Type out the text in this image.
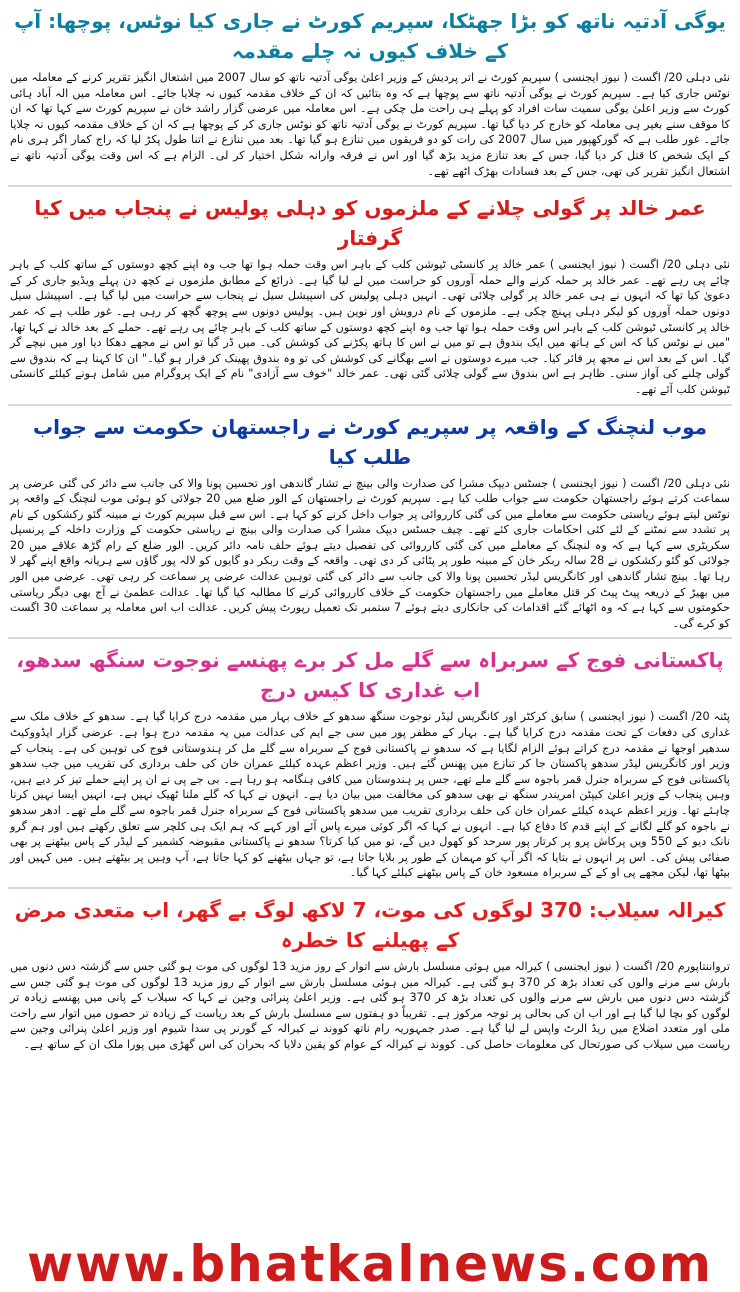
یوگی آدتیہ ناتھ کو بڑا جھٹکا، سپریم کورٹ نے جاری کیا نوٹس، پوچھا: آپ کے خلاف کیوں نہ چلے مقدمہ

نئی دہلی 20/ اگست ( نیوز ایجنسی ) سپریم کورٹ نے اتر پردیش کے وزیر اعلیٰ یوگی آدتیہ ناتھ کو سال 2007 میں اشتعال انگیز تقریر کرنے کے معاملہ میں نوٹس جاری کیا ہے۔ سپریم کورٹ نے یوگی آدتیہ ناتھ سے پوچھا ہے کہ وہ بتائیں کہ ان کے خلاف مقدمہ کیوں نہ چلایا جائے۔ اس معاملہ میں الہ آباد ہائی کورٹ سے وزیر اعلیٰ یوگی سمیت سات افراد کو پہلے ہی راحت مل چکی ہے۔ اس معاملہ میں عرضی گزار راشد خان نے سپریم کورٹ سے کہا تھا کہ ان کا موقف سنے بغیر ہی معاملہ کو خارج کر دیا گیا تھا۔ سپریم کورٹ نے یوگی آدتیہ ناتھ کو نوٹس جاری کر کے پوچھا ہے کہ ان کے خلاف مقدمہ کیوں نہ چلایا جائے۔ غور طلب ہے کہ گورکھپور میں سال 2007 کی رات کو دو فریقوں میں تنازع ہو گیا تھا۔ بعد میں تنازع نے اتنا طول پکڑ لیا کہ راج کمار اگر ہری نام کے ایک شخص کا قتل کر دیا گیا، جس کے بعد تنازع مزید بڑھ گیا اور اس نے فرقہ وارانہ شکل اختیار کر لی۔ الزام ہے کہ اس وقت یوگی آدتیہ ناتھ نے اشتعال انگیز تقریر کی تھی، جس کے بعد فسادات بھڑک اٹھے تھے۔

عمر خالد پر گولی چلانے کے ملزموں کو دہلی پولیس نے پنجاب میں کیا گرفتار

نئی دہلی 20/ اگست ( نیوز ایجنسی ) عمر خالد پر کانسٹی ٹیوشن کلب کے باہر اس وقت حملہ ہوا تھا جب وہ اپنے کچھ دوستوں کے ساتھ کلب کے باہر چائے پی رہے تھے۔ عمر خالد پر حملہ کرنے والے حملہ آوروں کو حراست میں لے لیا گیا ہے۔ ذرائع کے مطابق ملزموں نے کچھ دن پہلے ویڈیو جاری کر کے دعویٰ کیا تھا کہ انہوں نے ہی عمر خالد پر گولی چلائی تھی۔ انہیں دہلی پولیس کی اسپیشل سیل نے پنجاب سے حراست میں لیا گیا ہے۔ اسپیشل سیل دونوں حملہ آوروں کو لیکر دہلی پہنچ چکی ہے۔ ملزموں کے نام درویش اور نوین ہیں۔ پولیس دونوں سے پوچھ گچھ کر رہی ہے۔ غور طلب ہے کہ عمر خالد پر کانسٹی ٹیوشن کلب کے باہر اس وقت حملہ ہوا تھا جب وہ اپنے کچھ دوستوں کے ساتھ کلب کے باہر چائے پی رہے تھے۔ حملے کے بعد خالد نے کہا تھا، "میں نے نوٹس کیا کہ اس کے ہاتھ میں ایک بندوق ہے تو میں نے اس کا ہاتھ پکڑنے کی کوشش کی۔ میں ڈر گیا تو اس نے مجھے دھکا دیا اور میں نیچے گر گیا۔ اس کے بعد اس نے مجھ پر فائر کیا۔ جب میرے دوستوں نے اسے بھگانے کی کوشش کی تو وہ بندوق پھینک کر فرار ہو گیا۔" ان کا کہنا ہے کہ بندوق سے گولی چلنے کی آواز سنی۔ ظاہر ہے اس بندوق سے گولی چلائی گئی تھی۔ عمر خالد "خوف سے آزادی" نام کے ایک پروگرام میں شامل ہونے کیلئے کانسٹی ٹیوشن کلب آئے تھے۔

موب لنچنگ کے واقعہ پر سپریم کورٹ نے راجستھان حکومت سے جواب طلب کیا

نئی دہلی 20/ اگست ( نیوز ایجنسی ) جسٹس دیپک مشرا کی صدارت والی بینچ نے تشار گاندھی اور تحسین پونا والا کی جانب سے دائر کی گئی عرضی پر سماعت کرتے ہوئے راجستھان حکومت سے جواب طلب کیا ہے۔ سپریم کورٹ نے راجستھان کے الور ضلع میں 20 جولائی کو ہوئی موب لنچنگ کے واقعہ پر نوٹس لیتے ہوئے ریاستی حکومت سے معاملے میں کی گئی کارروائی پر جواب داخل کرنے کو کہا ہے۔ اس سے قبل سپریم کورٹ نے مبینہ گئو رکشکوں کے نام پر تشدد سے نمٹنے کے لئے کئی احکامات جاری کئے تھے۔ چیف جسٹس دیپک مشرا کی صدارت والی بینچ نے ریاستی حکومت کے وزارت داخلہ کے پرنسپل سکریٹری سے کہا ہے کہ وہ لنچنگ کے معاملے میں کی گئی کارروائی کی تفصیل دیتے ہوئے حلف نامہ دائر کریں۔ الور ضلع کے رام گڑھ علاقے میں 20 جولائی کو گئو رکشکوں نے 28 سالہ ربکر خان کے مبینہ طور پر پٹائی کر دی تھی۔ واقعہ کے وقت ربکر دو گایوں کو لالہ پور گاؤں سے ہریانہ واقع اپنے گھر لا رہا تھا۔ بینچ تشار گاندھی اور کانگریس لیڈر تحسین پونا والا کی جانب سے دائر کی گئی توہین عدالت عرضی پر سماعت کر رہی تھی۔ عرضی میں الور میں بھیڑ کے ذریعہ پیٹ پیٹ کر قتل معاملے میں راجستھان حکومت کے خلاف کارروائی کرنے کا مطالبہ کیا گیا تھا۔ عدالت عظمیٰ نے آج بھی دیگر ریاستی حکومتوں سے کہا ہے کہ وہ اٹھائے گئے اقدامات کی جانکاری دیتے ہوئے 7 ستمبر تک تعمیل رپورٹ پیش کریں۔ عدالت اب اس معاملہ پر سماعت 30 اگست کو کرے گی۔

پاکستانی فوج کے سربراہ سے گلے مل کر برے پھنسے نوجوت سنگھ سدھو، اب غداری کا کیس درج

پٹنہ 20/ اگست ( نیوز ایجنسی ) سابق کرکٹر اور کانگریس لیڈر نوجوت سنگھ سدھو کے خلاف بہار میں مقدمہ درج کرایا گیا ہے۔ سدھو کے خلاف ملک سے غداری کی دفعات کے تحت مقدمہ درج کرایا گیا ہے۔ بہار کے مظفر پور میں سی جے ایم کی عدالت میں یہ مقدمہ درج ہوا ہے۔ عرضی گزار ایڈووکیٹ سدھیر اوجھا نے مقدمہ درج کراتے ہوئے الزام لگایا ہے کہ سدھو نے پاکستانی فوج کے سربراہ سے گلے مل کر ہندوستانی فوج کی توہین کی ہے۔ پنجاب کے وزیر اور کانگریس لیڈر سدھو پاکستان جا کر تنازع میں پھنس گئے ہیں۔ وزیر اعظم عہدہ کیلئے عمران خان کی حلف برداری کی تقریب میں جب سدھو پاکستانی فوج کے سربراہ جنرل قمر باجوہ سے گلے ملے تھے، جس پر ہندوستان میں کافی ہنگامہ ہو رہا ہے۔ بی جے پی نے ان پر اپنے حملے تیز کر دیے ہیں، وہیں پنجاب کے وزیر اعلیٰ کیپٹن امریندر سنگھ نے بھی سدھو کی مخالفت میں بیان دیا ہے۔ انہوں نے کہا کہ گلے ملنا ٹھیک نہیں ہے، انہیں ایسا نہیں کرنا چاہئے تھا۔ وزیر اعظم عہدہ کیلئے عمران خان کی حلف برداری تقریب میں سدھو پاکستانی فوج کے سربراہ جنرل قمر باجوہ سے گلے ملے تھے۔ ادھر سدھو نے باجوہ کو گلے لگانے کے اپنے قدم کا دفاع کیا ہے۔ انہوں نے کہا کہ اگر کوئی میرے پاس آئے اور کہے کہ ہم ایک ہی کلچر سے تعلق رکھتے ہیں اور ہم گرو نانک دیو کے 550 ویں پرکاش پرو پر کرتار پور سرحد کو کھول دیں گے، تو میں کیا کرتا؟ سدھو نے پاکستانی مقبوضہ کشمیر کے لیڈر کے پاس بیٹھنے پر بھی صفائی پیش کی۔ اس پر انہوں نے بتایا کہ اگر آپ کو مہمان کے طور پر بلایا جاتا ہے، تو جہاں بیٹھنے کو کہا جاتا ہے، آپ وہیں پر بیٹھتے ہیں۔ میں کہیں اور بیٹھا تھا، لیکن مجھے پی او کے کے سربراہ مسعود خان کے پاس بیٹھنے کیلئے کہا گیا۔

کیرالہ سیلاب: 370 لوگوں کی موت، 7 لاکھ لوگ بے گھر، اب متعدی مرض کے پھیلنے کا خطرہ

ترواننتاپورم 20/ اگست ( نیوز ایجنسی ) کیرالہ میں ہوئی مسلسل بارش سے اتوار کے روز مزید 13 لوگوں کی موت ہو گئی جس سے گزشتہ دس دنوں میں بارش سے مرنے والوں کی تعداد بڑھ کر 370 ہو گئی ہے۔ کیرالہ میں ہوئی مسلسل بارش سے اتوار کے روز مزید 13 لوگوں کی موت ہو گئی جس سے گزشتہ دس دنوں میں بارش سے مرنے والوں کی تعداد بڑھ کر 370 ہو گئی ہے۔ وزیر اعلیٰ پنرائی وجین نے کہا کہ سیلاب کے پانی میں پھنسے زیادہ تر لوگوں کو بچا لیا گیا ہے اور اب ان کی بحالی پر توجہ مرکوز ہے۔ تقریباً دو ہفتوں سے مسلسل بارش کے بعد ریاست کے زیادہ تر حصوں میں اتوار سے راحت ملی اور متعدد اضلاع میں ریڈ الرٹ واپس لے لیا گیا ہے۔ صدر جمہوریہ رام ناتھ کووند نے کیرالہ کے گورنر پی سدا شیوم اور وزیر اعلیٰ پنرائی وجین سے ریاست میں سیلاب کی صورتحال کی معلومات حاصل کی۔ کووند نے کیرالہ کے عوام کو یقین دلایا کہ بحران کی اس گھڑی میں پورا ملک ان کے ساتھ ہے۔

www.bhatkalnews.com
